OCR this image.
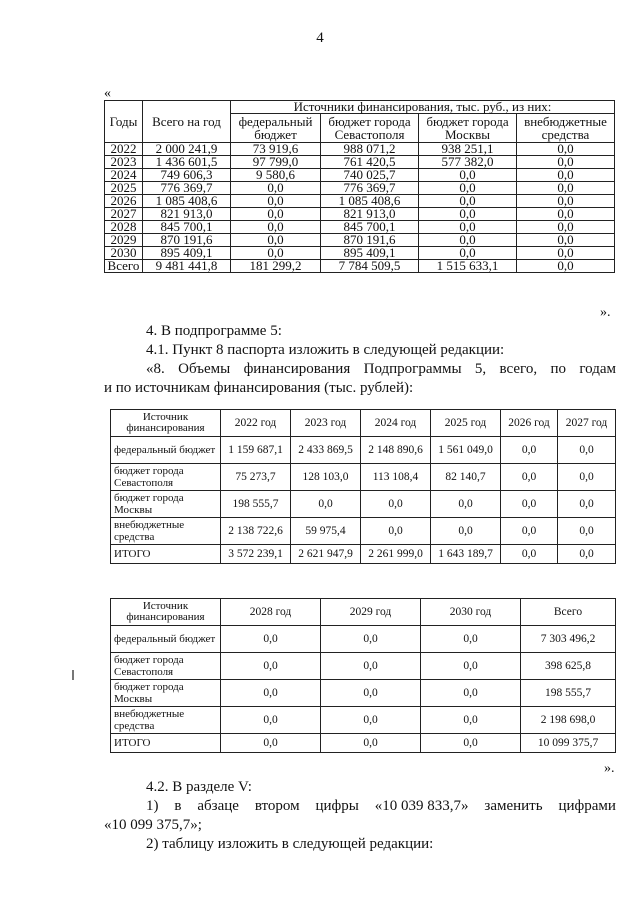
4
«
Годы	Всего на год	Источники финансирования, тыс. руб., из них:			
		федеральный бюджет	бюджет города Севастополя	бюджет города Москвы	внебюджетные средства
2022	2 000 241,9	73 919,6	988 071,2	938 251,1	0,0
2023	1 436 601,5	97 799,0	761 420,5	577 382,0	0,0
2024	749 606,3	9 580,6	740 025,7	0,0	0,0
2025	776 369,7	0,0	776 369,7	0,0	0,0
2026	1 085 408,6	0,0	1 085 408,6	0,0	0,0
2027	821 913,0	0,0	821 913,0	0,0	0,0
2028	845 700,1	0,0	845 700,1	0,0	0,0
2029	870 191,6	0,0	870 191,6	0,0	0,0
2030	895 409,1	0,0	895 409,1	0,0	0,0
Всего	9 481 441,8	181 299,2	7 784 509,5	1 515 633,1	0,0
».
4. В подпрограмме 5:
4.1. Пункт 8 паспорта изложить в следующей редакции:
«8. Объемы финансирования Подпрограммы 5, всего, по годам
и по источникам финансирования (тыс. рублей):
Источник финансирования	2022 год	2023 год	2024 год	2025 год	2026 год	2027 год
федеральный бюджет	1 159 687,1	2 433 869,5	2 148 890,6	1 561 049,0	0,0	0,0
бюджет города Севастополя	75 273,7	128 103,0	113 108,4	82 140,7	0,0	0,0
бюджет города Москвы	198 555,7	0,0	0,0	0,0	0,0	0,0
внебюджетные средства	2 138 722,6	59 975,4	0,0	0,0	0,0	0,0
ИТОГО	3 572 239,1	2 621 947,9	2 261 999,0	1 643 189,7	0,0	0,0
Источник финансирования	2028 год	2029 год	2030 год	Всего
федеральный бюджет	0,0	0,0	0,0	7 303 496,2
бюджет города Севастополя	0,0	0,0	0,0	398 625,8
бюджет города Москвы	0,0	0,0	0,0	198 555,7
внебюджетные средства	0,0	0,0	0,0	2 198 698,0
ИТОГО	0,0	0,0	0,0	10 099 375,7
».
4.2. В разделе V:
1) в абзаце втором цифры «10 039 833,7» заменить цифрами
«10 099 375,7»;
2) таблицу изложить в следующей редакции:
